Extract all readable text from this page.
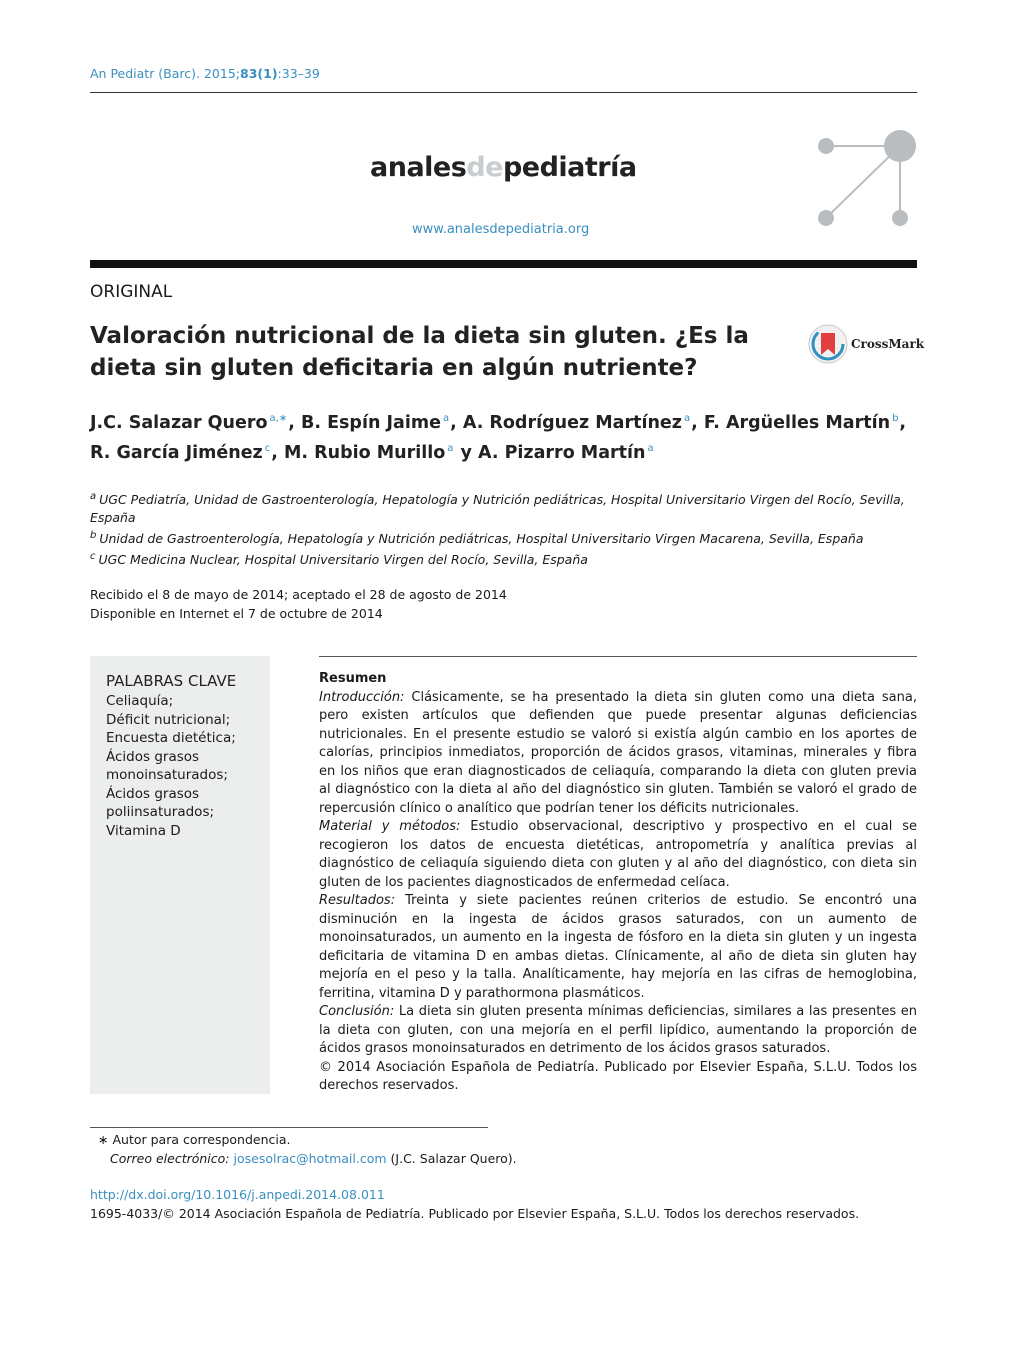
An Pediatr (Barc). 2015;83(1):33–39
analesdepediatría
www.analesdepediatria.org
ORIGINAL
Valoración nutricional de la dieta sin gluten. ¿Es la dieta sin gluten deficitaria en algún nutriente?
CrossMark
J.C. Salazar Quero $^{a,∗}$, B. Espín Jaime $^a$, A. Rodríguez Martínez $^a$, F. Argüelles Martín $^b$,
R. García Jiménez $^c$, M. Rubio Murillo $^a$ y A. Pizarro Martín $^a$

$^a$ UGC Pediatría, Unidad de Gastroenterología, Hepatología y Nutrición pediátricas, Hospital Universitario Virgen del Rocío, Sevilla, España

$^b$ Unidad de Gastroenterología, Hepatología y Nutrición pediátricas, Hospital Universitario Virgen Macarena, Sevilla, España

$^c$ UGC Medicina Nuclear, Hospital Universitario Virgen del Rocío, Sevilla, España

Recibido el 8 de mayo de 2014; aceptado el 28 de agosto de 2014
Disponible en Internet el 7 de octubre de 2014
PALABRAS CLAVE
Celiaquía;
Déficit nutricional;
Encuesta dietética;
Ácidos grasos monoinsaturados;
Ácidos grasos poliinsaturados;
Vitamina D
Resumen

Introducción: Clásicamente, se ha presentado la dieta sin gluten como una dieta sana, pero existen artículos que defienden que puede presentar algunas deficiencias nutricionales. En el presente estudio se valoró si existía algún cambio en los aportes de calorías, principios inmediatos, proporción de ácidos grasos, vitaminas, minerales y fibra en los niños que eran diagnosticados de celiaquía, comparando la dieta con gluten previa al diagnóstico con la dieta al año del diagnóstico sin gluten. También se valoró el grado de repercusión clínico o analítico que podrían tener los déficits nutricionales.

Material y métodos: Estudio observacional, descriptivo y prospectivo en el cual se recogieron los datos de encuesta dietéticas, antropometría y analítica previas al diagnóstico de celiaquía siguiendo dieta con gluten y al año del diagnóstico, con dieta sin gluten de los pacientes diagnosticados de enfermedad celíaca.

Resultados: Treinta y siete pacientes reúnen criterios de estudio. Se encontró una disminución en la ingesta de ácidos grasos saturados, con un aumento de monoinsaturados, un aumento en la ingesta de fósforo en la dieta sin gluten y un ingesta deficitaria de vitamina D en ambas dietas. Clínicamente, al año de dieta sin gluten hay mejoría en el peso y la talla. Analíticamente, hay mejoría en las cifras de hemoglobina, ferritina, vitamina D y parathormona plasmáticos.

Conclusión: La dieta sin gluten presenta mínimas deficiencias, similares a las presentes en la dieta con gluten, con una mejoría en el perfil lipídico, aumentando la proporción de ácidos grasos monoinsaturados en detrimento de los ácidos grasos saturados.

© 2014 Asociación Española de Pediatría. Publicado por Elsevier España, S.L.U. Todos los derechos reservados.

∗ Autor para correspondencia.
Correo electrónico: josesolrac@hotmail.com (J.C. Salazar Quero).
http://dx.doi.org/10.1016/j.anpedi.2014.08.011
1695-4033/© 2014 Asociación Española de Pediatría. Publicado por Elsevier España, S.L.U. Todos los derechos reservados.
